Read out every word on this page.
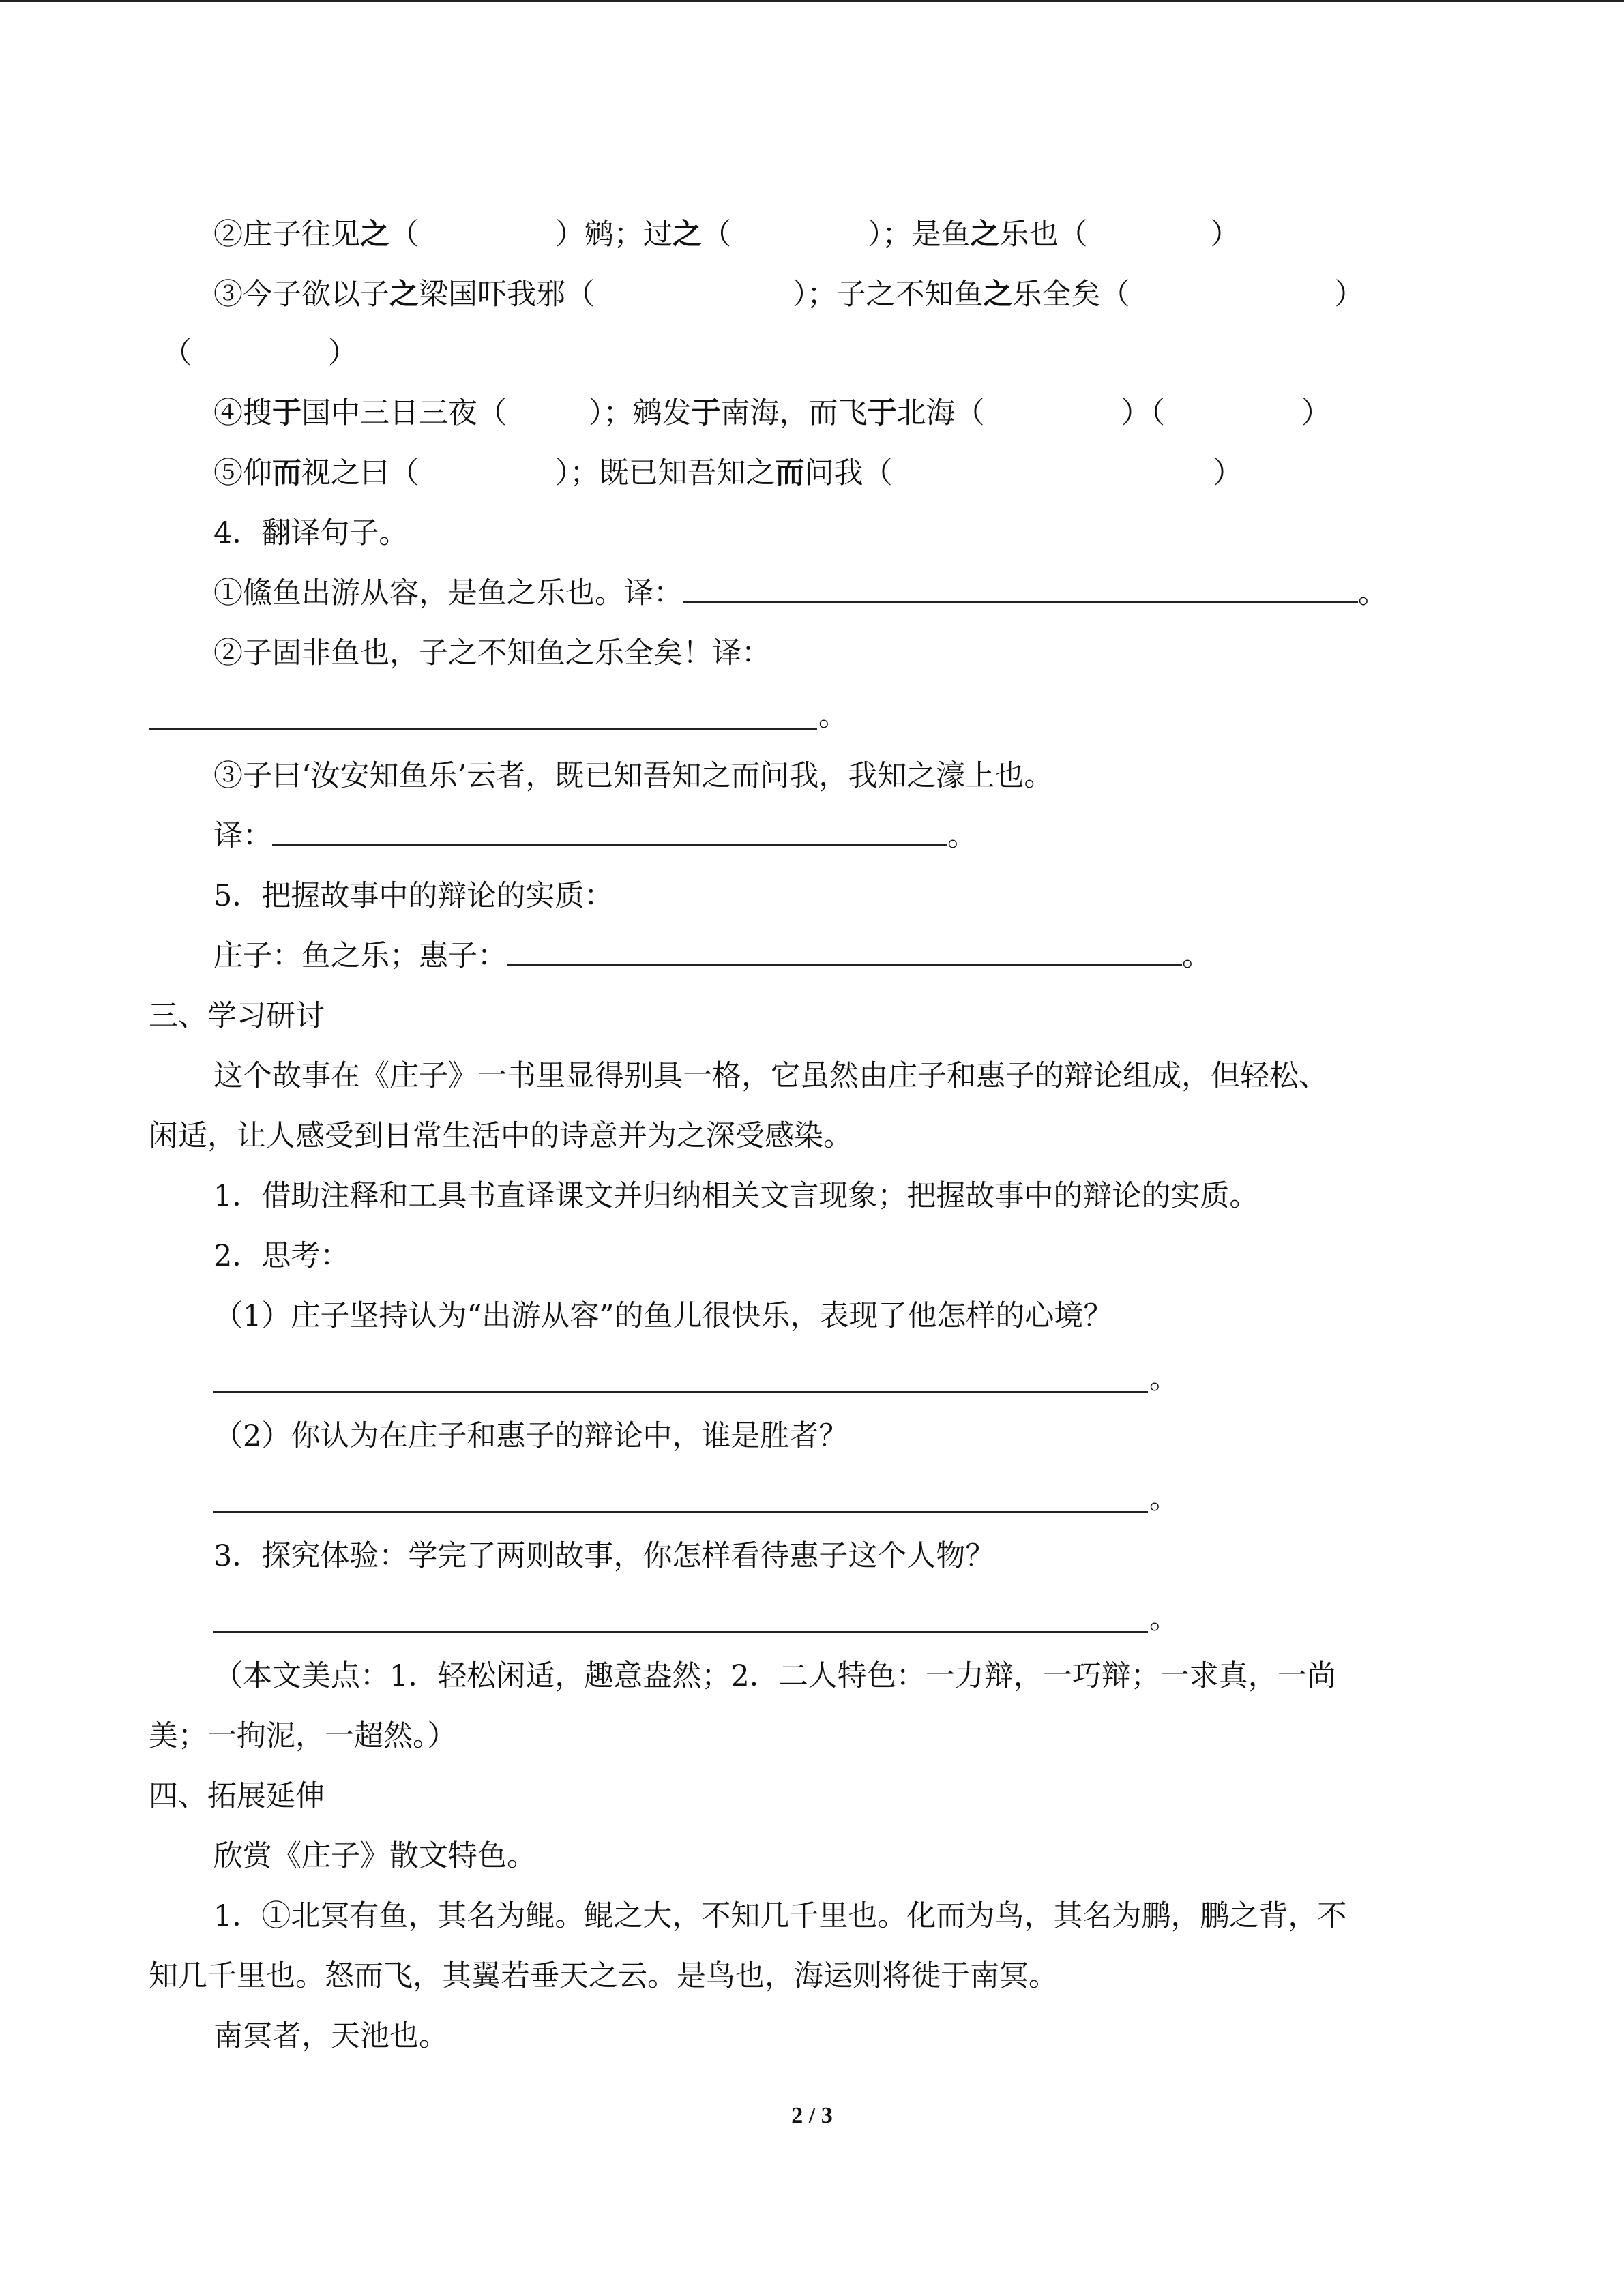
②庄子往见之（	）鹓；过之（	）；是鱼之乐也（	）
③今子欲以子之梁国吓我邪（	）；子之不知鱼之乐全矣（	）
（	）
④搜于国中三日三夜（	）；鹓发于南海，而飞于北海（	）（	）
⑤仰而视之曰（	）；既已知吾知之而问我（	）
4．翻译句子。
①鯈鱼出游从容，是鱼之乐也。译：	。
②子固非鱼也，子之不知鱼之乐全矣！译：
。
③子曰‘汝安知鱼乐’云者，既已知吾知之而问我，我知之濠上也。
译：	。
5．把握故事中的辩论的实质：
庄子：鱼之乐；惠子：	。
三、学习研讨
这个故事在《庄子》一书里显得别具一格，它虽然由庄子和惠子的辩论组成，但轻松、
闲适，让人感受到日常生活中的诗意并为之深受感染。
1．借助注释和工具书直译课文并归纳相关文言现象；把握故事中的辩论的实质。
2．思考：
（1）庄子坚持认为“出游从容”的鱼儿很快乐，表现了他怎样的心境？
。
（2）你认为在庄子和惠子的辩论中，谁是胜者？
。
3．探究体验：学完了两则故事，你怎样看待惠子这个人物？
。
（本文美点：1．轻松闲适，趣意盎然；2．二人特色：一力辩，一巧辩；一求真，一尚
美；一拘泥，一超然。）
四、拓展延伸
欣赏《庄子》散文特色。
1．①北冥有鱼，其名为鲲。鲲之大，不知几千里也。化而为鸟，其名为鹏，鹏之背，不
知几千里也。怒而飞，其翼若垂天之云。是鸟也，海运则将徙于南冥。
南冥者，天池也。
2 / 3
